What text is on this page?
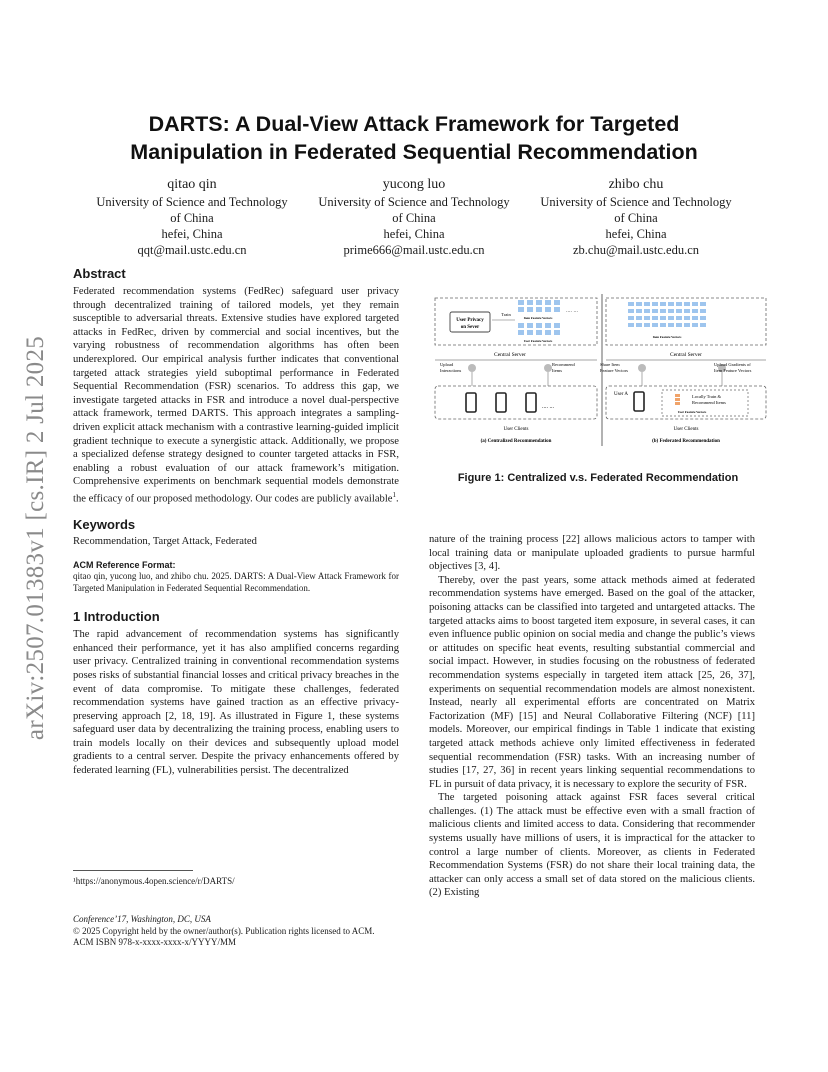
arXiv:2507.01383v1 [cs.IR] 2 Jul 2025
DARTS: A Dual-View Attack Framework for Targeted
Manipulation in Federated Sequential Recommendation
qitao qin
University of Science and Technology
of China
hefei, China
qqt@mail.ustc.edu.cn
yucong luo
University of Science and Technology
of China
hefei, China
prime666@mail.ustc.edu.cn
zhibo chu
University of Science and Technology
of China
hefei, China
zb.chu@mail.ustc.edu.cn
Abstract

Federated recommendation systems (FedRec) safeguard user privacy through decentralized training of tailored models, yet they remain susceptible to adversarial threats. Extensive studies have explored targeted attacks in FedRec, driven by commercial and social incentives, but the varying robustness of recommendation algorithms has often been underexplored. Our empirical analysis further indicates that conventional targeted attack strategies yield suboptimal performance in Federated Sequential Recommendation (FSR) scenarios. To address this gap, we investigate targeted attacks in FSR and introduce a novel dual-perspective attack framework, termed DARTS. This approach integrates a sampling-driven explicit attack mechanism with a contrastive learning-guided implicit gradient technique to execute a synergistic attack. Additionally, we propose a specialized defense strategy designed to counter targeted attacks in FSR, enabling a robust evaluation of our attack framework’s mitigation. Comprehensive experiments on benchmark sequential models demonstrate the efficacy of our proposed methodology. Our codes are publicly available$^1$.

Keywords
Recommendation, Target Attack, Federated
ACM Reference Format:
qitao qin, yucong luo, and zhibo chu. 2025. DARTS: A Dual-View Attack Framework for Targeted Manipulation in Federated Sequential Recommendation.
1 Introduction

The rapid advancement of recommendation systems has significantly enhanced their performance, yet it has also amplified concerns regarding user privacy. Centralized training in conventional recommendation systems poses risks of substantial financial losses and critical privacy breaches in the event of data compromise. To mitigate these challenges, federated recommendation systems have gained traction as an effective privacy-preserving approach [2, 18, 19]. As illustrated in Figure 1, these systems safeguard user data by decentralizing the training process, enabling users to train models locally on their devices and subsequently upload model gradients to a central server. Despite the privacy enhancements offered by federated learning (FL), vulnerabilities persist. The decentralized

¹https://anonymous.4open.science/r/DARTS/
Conference’17, Washington, DC, USA
© 2025 Copyright held by the owner/author(s). Publication rights licensed to ACM.
ACM ISBN 978-x-xxxx-xxxx-x/YYYY/MM
User Privacy
on Sever
Train
Item Feature Vectors
User Feature Vectors
.... ...
Central Server
Upload
Interactions
Recommend
Items
.... ...
User Clients
(a) Centralized Recommendation
Item Feature Vectors
Central Server
Share Item
Feature Vectors
Upload Gradients of
Item Feature Vectors
User A	Locally Train &
Recommend Items
User Feature Vectors
User Clients
(b) Federated Recommendation
Figure 1: Centralized v.s. Federated Recommendation

nature of the training process [22] allows malicious actors to tamper with local training data or manipulate uploaded gradients to pursue harmful objectives [3, 4].

Thereby, over the past years, some attack methods aimed at federated recommendation systems have emerged. Based on the goal of the attacker, poisoning attacks can be classified into targeted and untargeted attacks. The targeted attacks aims to boost targeted item exposure, in several cases, it can even influence public opinion on social media and change the public’s views or attitudes on specific heat events, resulting substantial commercial and social impact. However, in studies focusing on the robustness of federated recommendation systems especially in targeted item attack [25, 26, 37], experiments on sequential recommendation models are almost nonexistent. Instead, nearly all experimental efforts are concentrated on Matrix Factorization (MF) [15] and Neural Collaborative Filtering (NCF) [11] models. Moreover, our empirical findings in Table 1 indicate that existing targeted attack methods achieve only limited effectiveness in federated sequential recommendation (FSR) tasks. With an increasing number of studies [17, 27, 36] in recent years linking sequential recommendations to FL in pursuit of data privacy, it is necessary to explore the security of FSR.

The targeted poisoning attack against FSR faces several critical challenges. (1) The attack must be effective even with a small fraction of malicious clients and limited access to data. Considering that recommender systems usually have millions of users, it is impractical for the attacker to control a large number of clients. Moreover, as clients in Federated Recommendation Systems (FSR) do not share their local training data, the attacker can only access a small set of data stored on the malicious clients. (2) Existing
